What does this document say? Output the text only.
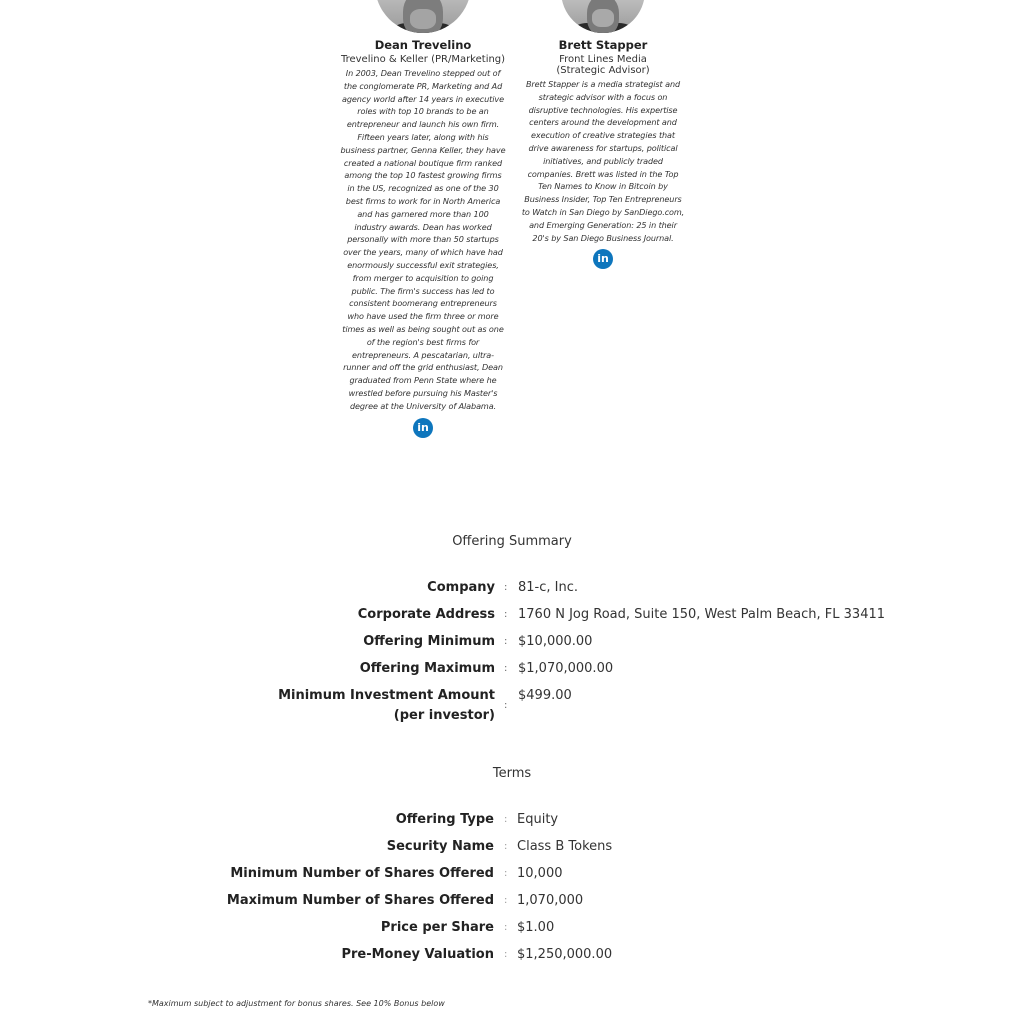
Dean Trevelino
Trevelino & Keller (PR/Marketing)
In 2003, Dean Trevelino stepped out of the conglomerate PR, Marketing and Ad agency world after 14 years in executive roles with top 10 brands to be an entrepreneur and launch his own firm. Fifteen years later, along with his business partner, Genna Keller, they have created a national boutique firm ranked among the top 10 fastest growing firms in the US, recognized as one of the 30 best firms to work for in North America and has garnered more than 100 industry awards. Dean has worked personally with more than 50 startups over the years, many of which have had enormously successful exit strategies, from merger to acquisition to going public. The firm's success has led to consistent boomerang entrepreneurs who have used the firm three or more times as well as being sought out as one of the region's best firms for entrepreneurs. A pescatarian, ultra-runner and off the grid enthusiast, Dean graduated from Penn State where he wrestled before pursuing his Master's degree at the University of Alabama.
in
Brett Stapper
Front Lines Media (Strategic Advisor)
Brett Stapper is a media strategist and strategic advisor with a focus on disruptive technologies. His expertise centers around the development and execution of creative strategies that drive awareness for startups, political initiatives, and publicly traded companies. Brett was listed in the Top Ten Names to Know in Bitcoin by Business Insider, Top Ten Entrepreneurs to Watch in San Diego by SanDiego.com, and Emerging Generation: 25 in their 20's by San Diego Business Journal.
in
Offering Summary
Company : 81-c, Inc.
Corporate Address : 1760 N Jog Road, Suite 150, West Palm Beach, FL 33411
Offering Minimum : $10,000.00
Offering Maximum : $1,070,000.00
Minimum Investment Amount
(per investor)
:
$499.00
Terms
Offering Type : Equity
Security Name : Class B Tokens
Minimum Number of Shares Offered : 10,000
Maximum Number of Shares Offered : 1,070,000
Price per Share : $1.00
Pre-Money Valuation : $1,250,000.00
*Maximum subject to adjustment for bonus shares. See 10% Bonus below
